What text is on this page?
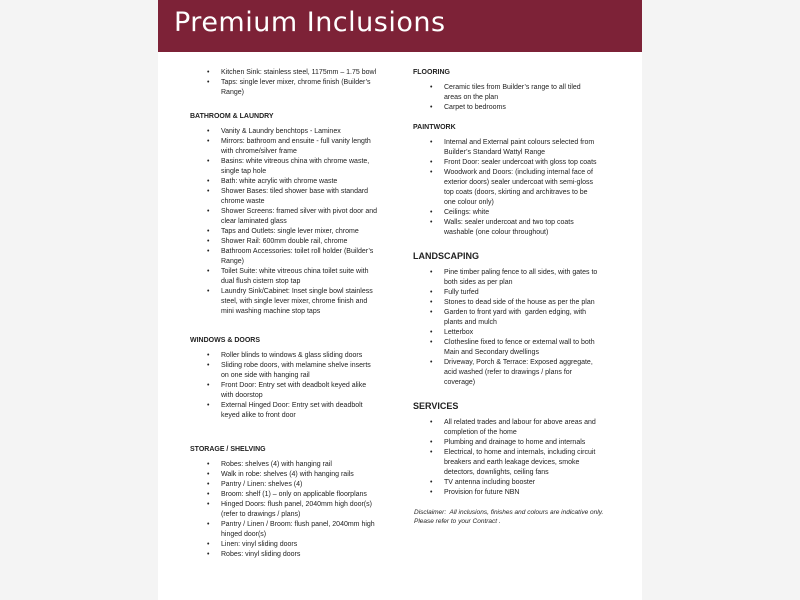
Premium Inclusions
• Kitchen Sink: stainless steel, 1175mm – 1.75 bowl
• Taps: single lever mixer, chrome finish (Builder’s
Range)

BATHROOM & LAUNDRY

• Vanity & Laundry benchtops - Laminex
• Mirrors: bathroom and ensuite - full vanity length
with chrome/silver frame
• Basins: white vitreous china with chrome waste,
single tap hole
• Bath: white acrylic with chrome waste
• Shower Bases: tiled shower base with standard
chrome waste
• Shower Screens: framed silver with pivot door and
clear laminated glass
• Taps and Outlets: single lever mixer, chrome
• Shower Rail: 600mm double rail, chrome
• Bathroom Accessories: toilet roll holder (Builder’s
Range)
• Toilet Suite: white vitreous china toilet suite with
dual flush cistern stop tap
• Laundry Sink/Cabinet: Inset single bowl stainless
steel, with single lever mixer, chrome finish and
mini washing machine stop taps

WINDOWS & DOORS

• Roller blinds to windows & glass sliding doors
• Sliding robe doors, with melamine shelve inserts
on one side with hanging rail
• Front Door: Entry set with deadbolt keyed alike
with doorstop
• External Hinged Door: Entry set with deadbolt
keyed alike to front door

STORAGE / SHELVING

• Robes: shelves (4) with hanging rail
• Walk in robe: shelves (4) with hanging rails
• Pantry / Linen: shelves (4)
• Broom: shelf (1) – only on applicable floorplans
• Hinged Doors: flush panel, 2040mm high door(s)
(refer to drawings / plans)
• Pantry / Linen / Broom: flush panel, 2040mm high
hinged door(s)
• Linen: vinyl sliding doors
• Robes: vinyl sliding doors

FLOORING

• Ceramic tiles from Builder’s range to all tiled
areas on the plan
• Carpet to bedrooms

PAINTWORK

• Internal and External paint colours selected from
Builder’s Standard Wattyl Range
• Front Door: sealer undercoat with gloss top coats
• Woodwork and Doors: (including internal face of
exterior doors) sealer undercoat with semi-gloss
top coats (doors, skirting and architraves to be
one colour only)
• Ceilings: white
• Walls: sealer undercoat and two top coats
washable (one colour throughout)

LANDSCAPING

• Pine timber paling fence to all sides, with gates to
both sides as per plan
• Fully turfed
• Stones to dead side of the house as per the plan
• Garden to front yard with  garden edging, with
plants and mulch
• Letterbox
• Clothesline fixed to fence or external wall to both
Main and Secondary dwellings
• Driveway, Porch & Terrace: Exposed aggregate,
acid washed (refer to drawings / plans for
coverage)

SERVICES

• All related trades and labour for above areas and
completion of the home
• Plumbing and drainage to home and internals
• Electrical, to home and internals, including circuit
breakers and earth leakage devices, smoke
detectors, downlights, ceiling fans
• TV antenna including booster
• Provision for future NBN
Disclaimer:  All inclusions, finishes and colours are indicative only.
Please refer to your Contract .
